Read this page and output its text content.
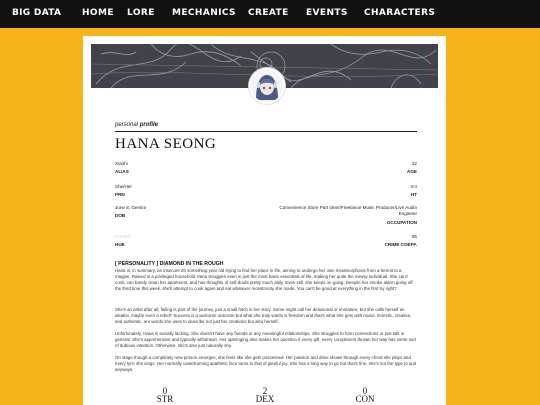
BIG DATA HOME LORE MECHANICS CREATE EVENTS CHARACTERS
personal profile
HANA SEONG
Xiaohi
ALIAS
22
AGE
She/Her
PRN
5'4
HT
June 8, Gemini
DOB
Convenience Store Part timer/Freelance Music Producer/Live Audio Engineer
OCCUPATION
#c9d8f0
HUE
95
CRIME COEFF.
[ PERSONALITY ] DIAMOND IN THE ROUGH

Hana is, in summary, an insecure 20 something year old trying to find her place in life, aiming to undergo her own metamorphosis from a hermit to a magpie. Raised in a privileged household Hana struggles even in just the most basic essentials of life, making her quite the messy individual. She can't cook, can barely clean her apartment, and has thoughts of self-doubt pretty much daily. Even still, she keeps on going. Despite her smoke alarm going off the third time this week, she'll attempt to cook again and eat whatever monstrosity she made. You can't be good at everything in the first try right?

She's an artist after all, failing is part of the journey, just a small hitch in her story. Some might call her delusional or immature, but she calls herself an idealist, maybe even a rebel? Success is a welcome outcome but what she truly wants is freedom and that's what she gets with music. Eclectic, creative, and authentic, are words she uses to describe not just her creations but also herself.

Unfortunately, Hana is socially lacking. She doesn't have any friends or any meaningful relationships. She struggles to form connections or just talk in general. She's apprehensive and typically withdrawn. Her upbringing also makes her question if every gift, every compliment thrown her way has some sort of dubious intention. Otherwise, she's also just naturally shy.

On stage though a completely new person emerges, she feels like she gets possessed. Her passion and drive shows through every chord she plays and every lyric she sings. Her normally unwelcoming apathetic face turns to that of gleeful joy. She has a long way to go but that's fine, she's not the type to quit anyways.

0
STR
2
DEX
0
CON
